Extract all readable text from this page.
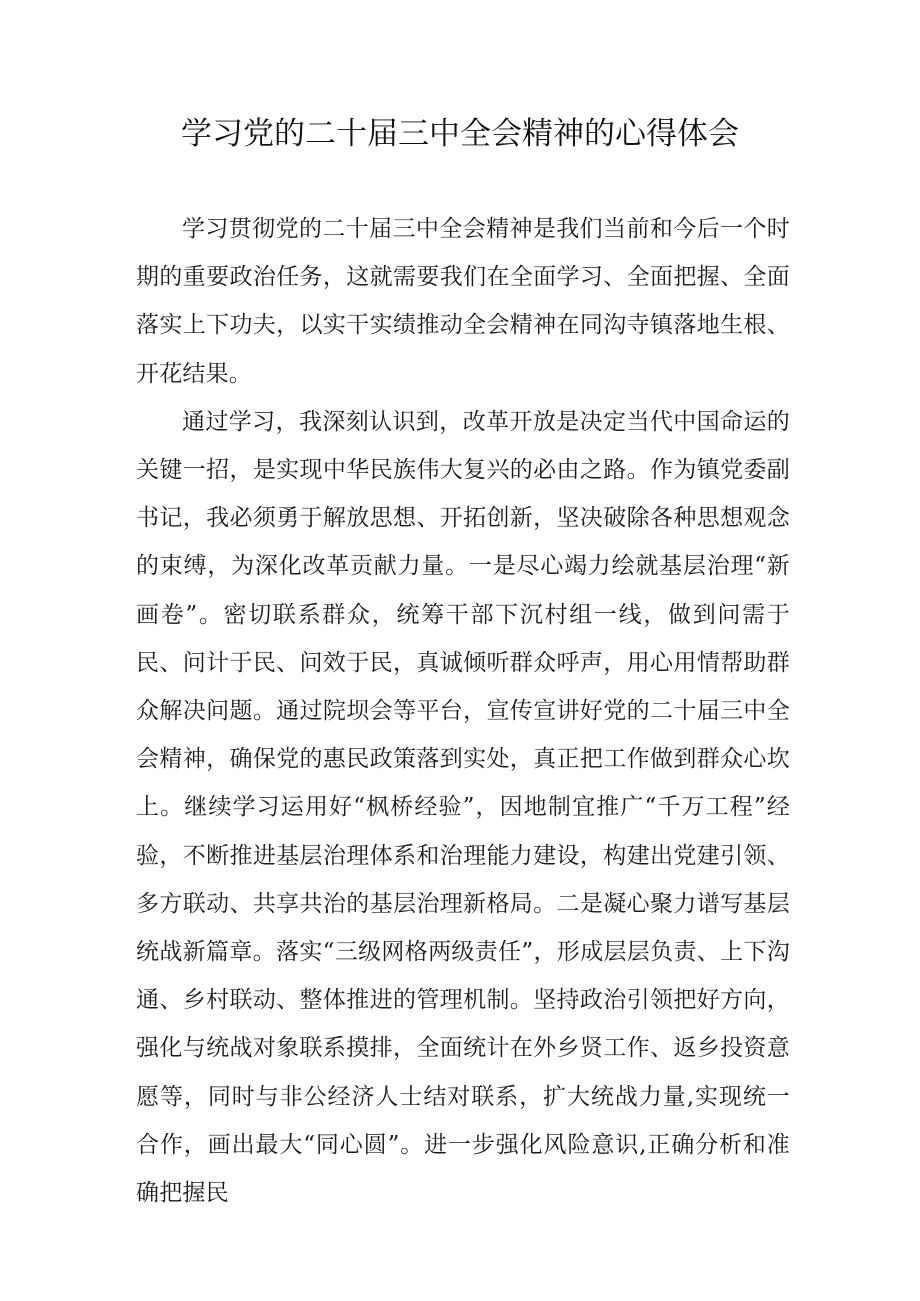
学习党的二十届三中全会精神的心得体会

学习贯彻党的二十届三中全会精神是我们当前和今后一个时期的重要政治任务，这就需要我们在全面学习、全面把握、全面落实上下功夫，以实干实绩推动全会精神在同沟寺镇落地生根、开花结果。

通过学习，我深刻认识到，改革开放是决定当代中国命运的关键一招，是实现中华民族伟大复兴的必由之路。作为镇党委副书记，我必须勇于解放思想、开拓创新，坚决破除各种思想观念的束缚，为深化改革贡献力量。一是尽心竭力绘就基层治理“新画卷”。密切联系群众，统筹干部下沉村组一线，做到问需于民、问计于民、问效于民，真诚倾听群众呼声，用心用情帮助群众解决问题。通过院坝会等平台，宣传宣讲好党的二十届三中全会精神，确保党的惠民政策落到实处，真正把工作做到群众心坎上。继续学习运用好“枫桥经验”，因地制宜推广“千万工程”经验，不断推进基层治理体系和治理能力建设，构建出党建引领、多方联动、共享共治的基层治理新格局。二是凝心聚力谱写基层统战新篇章。落实“三级网格两级责任”，形成层层负责、上下沟通、乡村联动、整体推进的管理机制。坚持政治引领把好方向，强化与统战对象联系摸排，全面统计在外乡贤工作、返乡投资意愿等，同时与非公经济人士结对联系，扩大统战力量,实现统一合作，画出最大“同心圆”。进一步强化风险意识,正确分析和准确把握民
